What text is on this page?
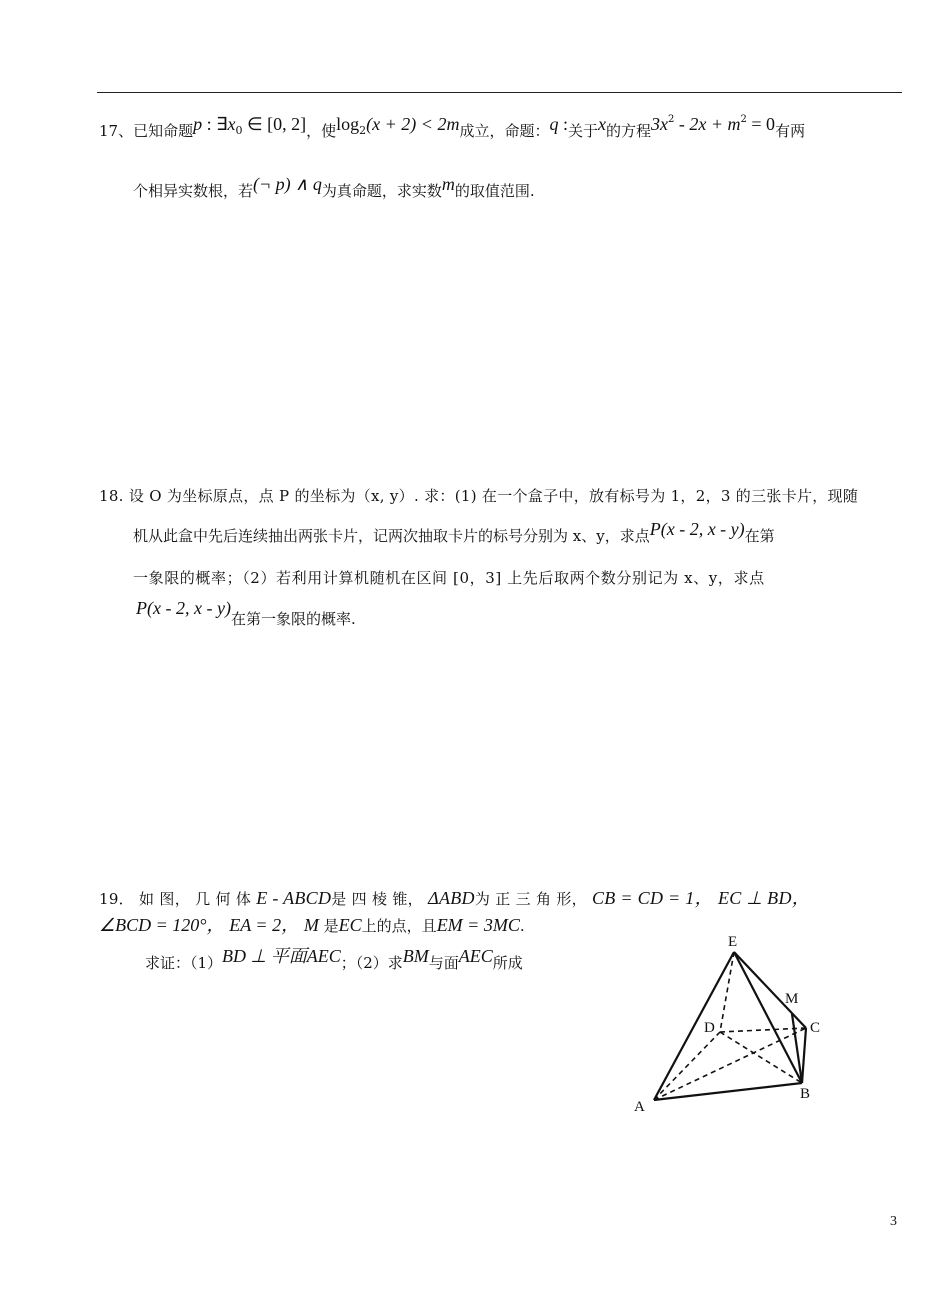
17、已知命题p : $\exists x_0$ ∈ [0, 2]，使$\log_2(x + 2) < 2m$成立，命题：q :关于x的方程$3x^2 - 2x + m^2 = 0$有两
个相异实数根，若(¬ p) ∧ q为真命题，求实数m的取值范围.
18. 设 O 为坐标原点，点 P 的坐标为（x, y）. 求：(1) 在一个盒子中，放有标号为 1，2，3 的三张卡片，现随
机从此盒中先后连续抽出两张卡片，记两次抽取卡片的标号分别为 x、y，求点P(x - 2, x - y)在第
一象限的概率；（2）若利用计算机随机在区间 [0，3] 上先后取两个数分别记为 x、y，求点
P(x - 2, x - y)在第一象限的概率.
19． 如 图， 几 何 体 E - ABCD是 四 棱 锥， ΔABD为 正 三 角 形， CB = CD = 1， EC ⊥ BD，
∠BCD = 120°， EA = 2， M 是EC上的点，且EM = 3MC.
求证：（1）BD ⊥ 平面AEC；（2）求BM与面AEC所成
E
M
D	C
B
A
3
